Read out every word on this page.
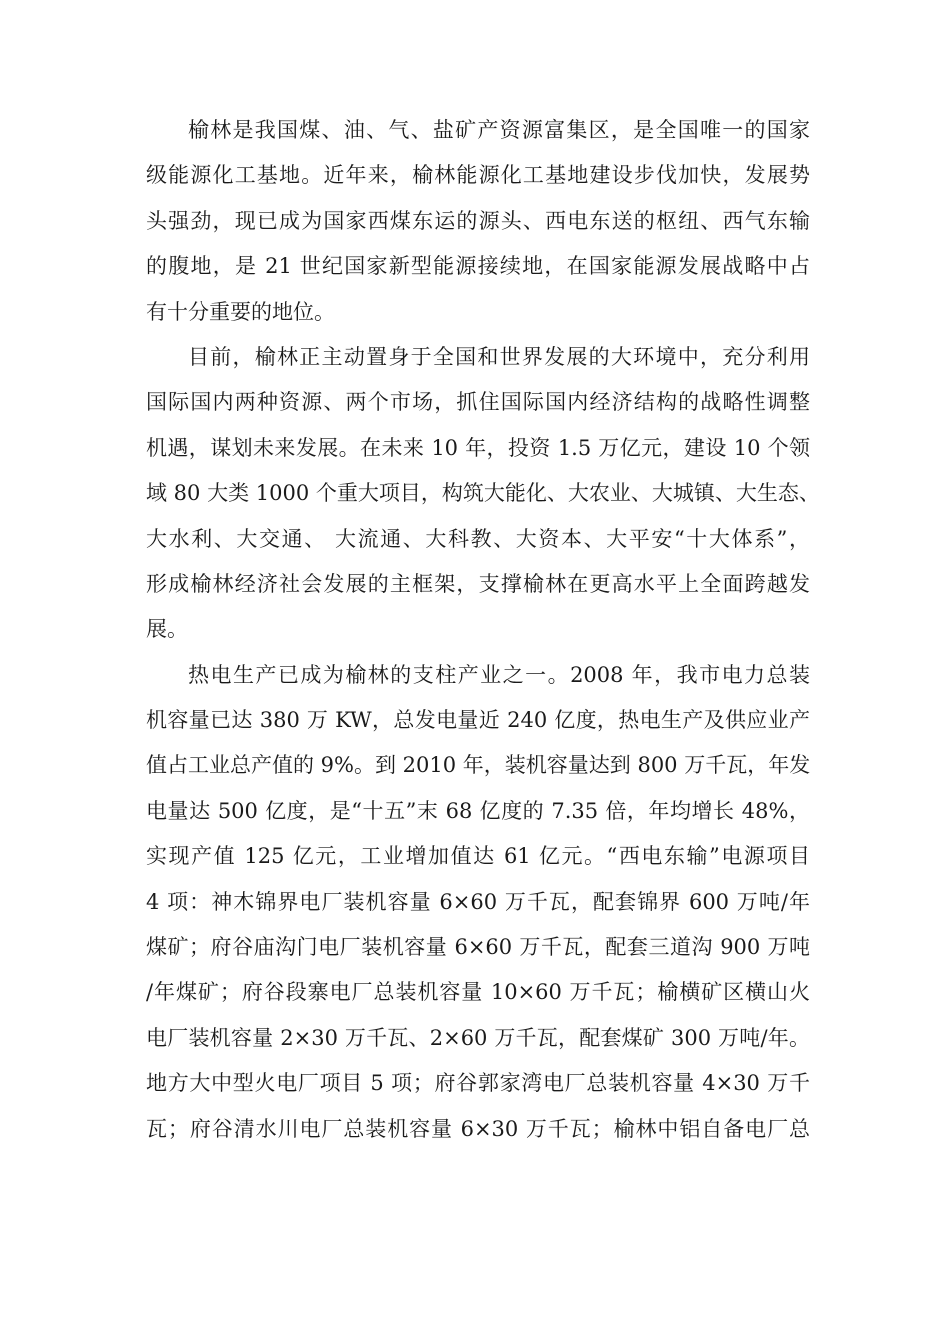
榆林是我国煤、油、气、盐矿产资源富集区，是全国唯一的国家
级能源化工基地。近年来，榆林能源化工基地建设步伐加快，发展势
头强劲，现已成为国家西煤东运的源头、西电东送的枢纽、西气东输
的腹地，是 21 世纪国家新型能源接续地，在国家能源发展战略中占
有十分重要的地位。
目前，榆林正主动置身于全国和世界发展的大环境中，充分利用
国际国内两种资源、两个市场，抓住国际国内经济结构的战略性调整
机遇，谋划未来发展。在未来 10 年，投资 1.5 万亿元，建设 10 个领
域 80 大类 1000 个重大项目，构筑大能化、大农业、大城镇、大生态、
大水利、大交通、 大流通、大科教、大资本、大平安“十大体系”，
形成榆林经济社会发展的主框架，支撑榆林在更高水平上全面跨越发
展。
热电生产已成为榆林的支柱产业之一。2008 年，我市电力总装
机容量已达 380 万 KW，总发电量近 240 亿度，热电生产及供应业产
值占工业总产值的 9%。到 2010 年，装机容量达到 800 万千瓦，年发
电量达 500 亿度，是“十五”末 68 亿度的 7.35 倍，年均增长 48%，
实现产值 125 亿元，工业增加值达 61 亿元。“西电东输”电源项目
4 项：神木锦界电厂装机容量 6×60 万千瓦，配套锦界 600 万吨/年
煤矿；府谷庙沟门电厂装机容量 6×60 万千瓦，配套三道沟 900 万吨
/年煤矿；府谷段寨电厂总装机容量 10×60 万千瓦；榆横矿区横山火
电厂装机容量 2×30 万千瓦、2×60 万千瓦，配套煤矿 300 万吨/年。
地方大中型火电厂项目 5 项；府谷郭家湾电厂总装机容量 4×30 万千
瓦；府谷清水川电厂总装机容量 6×30 万千瓦；榆林中铝自备电厂总
